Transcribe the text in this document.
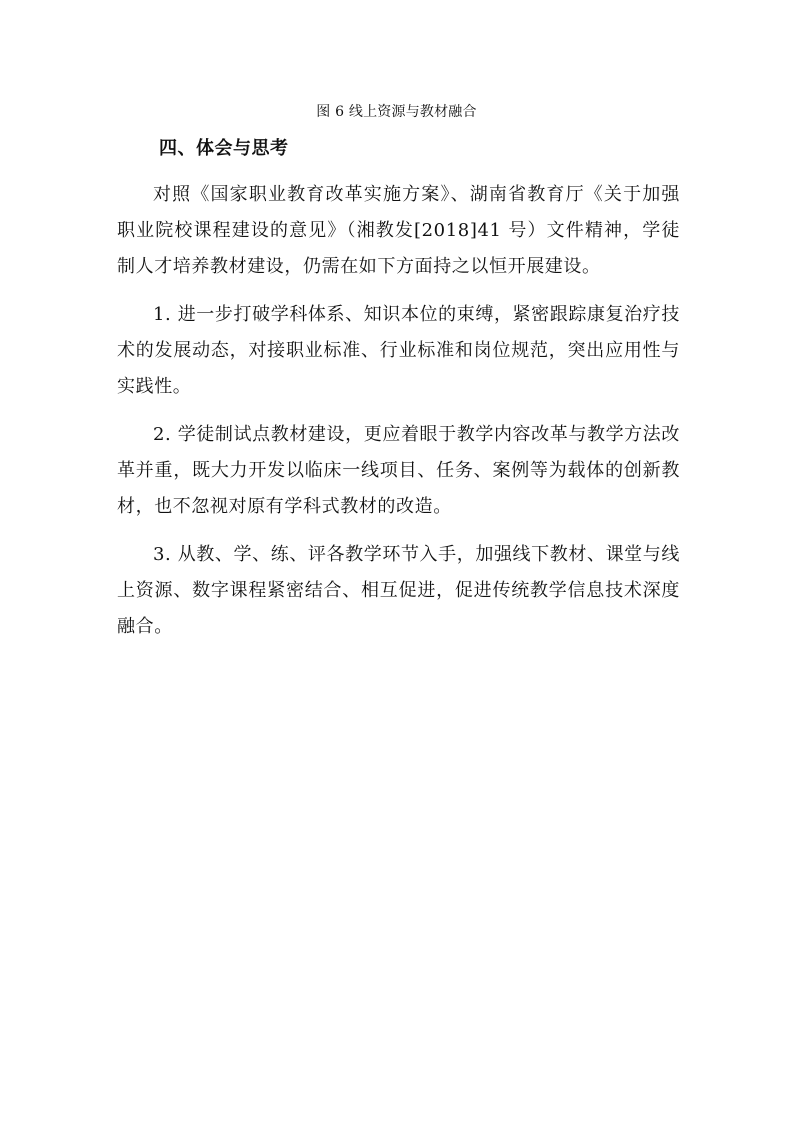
图 6 线上资源与教材融合
四、体会与思考

对照《国家职业教育改革实施方案》、湖南省教育厅《关于加强职业院校课程建设的意见》（湘教发[2018]41 号）文件精神，学徒制人才培养教材建设，仍需在如下方面持之以恒开展建设。

1. 进一步打破学科体系、知识本位的束缚，紧密跟踪康复治疗技术的发展动态，对接职业标准、行业标准和岗位规范，突出应用性与实践性。

2. 学徒制试点教材建设，更应着眼于教学内容改革与教学方法改革并重，既大力开发以临床一线项目、任务、案例等为载体的创新教材，也不忽视对原有学科式教材的改造。

3. 从教、学、练、评各教学环节入手，加强线下教材、课堂与线上资源、数字课程紧密结合、相互促进，促进传统教学信息技术深度融合。
